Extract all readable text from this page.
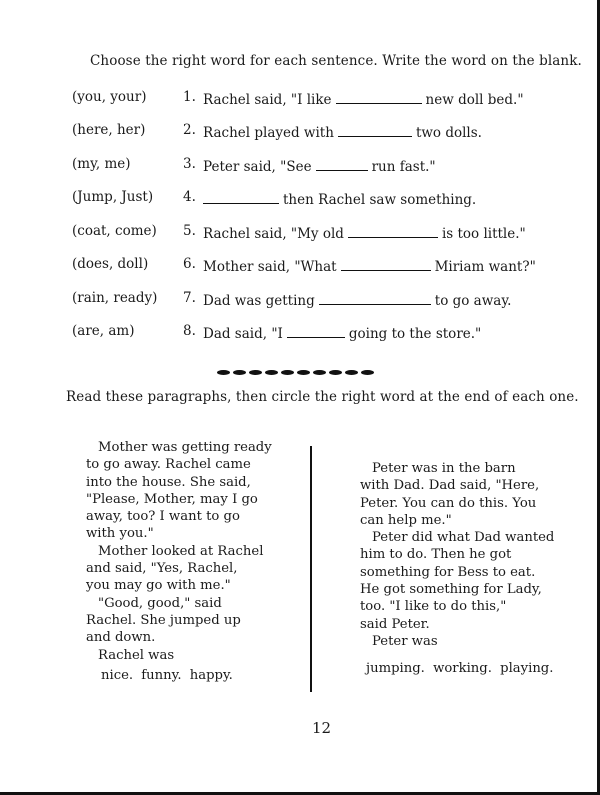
Choose the right word for each sentence. Write the word on the blank.
(you, your)	1. Rachel said, "I like	new doll bed."
(here, her)	2. Rachel played with	two dolls.
(my, me)	3. Peter said, "See	run fast."
(Jump, Just) 4.	then Rachel saw something.
(coat, come) 5. Rachel said, "My old	is too little."
(does, doll)	6. Mother said, "What	Miriam want?"
(rain, ready) 7. Dad was getting	to go away.
(are, am)	8. Dad said, "I	going to the store."
Read these paragraphs, then circle the right word at the end of each one.

Mother was getting ready

to go away. Rachel came

into the house. She said,

"Please, Mother, may I go

away, too? I want to go

with you."

Mother looked at Rachel

and said, "Yes, Rachel,

you may go with me."

"Good, good," said

Rachel. She jumped up

and down.

Rachel was

nice. funny. happy.

Peter was in the barn

with Dad. Dad said, "Here,

Peter. You can do this. You

can help me."

Peter did what Dad wanted

him to do. Then he got

something for Bess to eat.

He got something for Lady,

too. "I like to do this,"

said Peter.

Peter was

jumping. working. playing.
12
